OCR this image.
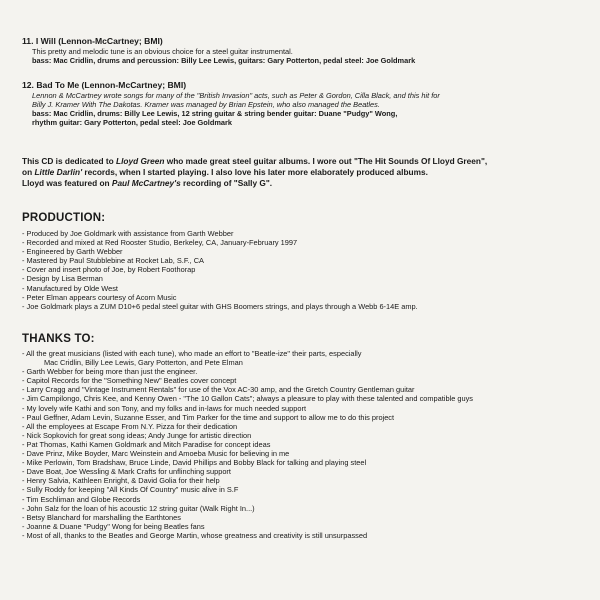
11. I Will (Lennon-McCartney; BMI)
This pretty and melodic tune is an obvious choice for a steel guitar instrumental.
bass: Mac Cridlin, drums and percussion: Billy Lee Lewis, guitars: Gary Potterton, pedal steel: Joe Goldmark
12. Bad To Me (Lennon-McCartney; BMI)
Lennon & McCartney wrote songs for many of the "British Invasion" acts, such as Peter & Gordon, Cilla Black, and this hit for
Billy J. Kramer With The Dakotas. Kramer was managed by Brian Epstein, who also managed the Beatles.
bass: Mac Cridlin, drums: Billy Lee Lewis, 12 string guitar & string bender guitar: Duane "Pudgy" Wong,
rhythm guitar: Gary Potterton, pedal steel: Joe Goldmark
This CD is dedicated to Lloyd Green who made great steel guitar albums. I wore out "The Hit Sounds Of Lloyd Green",
on Little Darlin' records, when I started playing. I also love his later more elaborately produced albums.
Lloyd was featured on Paul McCartney's recording of "Sally G".
PRODUCTION:
- Produced by Joe Goldmark with assistance from Garth Webber
- Recorded and mixed at Red Rooster Studio, Berkeley, CA, January-February 1997
- Engineered by Garth Webber
- Mastered by Paul Stubblebine at Rocket Lab, S.F., CA
- Cover and insert photo of Joe, by Robert Foothorap
- Design by Lisa Berman
- Manufactured by Olde West
- Peter Elman appears courtesy of Acorn Music
- Joe Goldmark plays a ZUM D10+6 pedal steel guitar with GHS Boomers strings, and plays through a Webb 6-14E amp.
THANKS TO:
- All the great musicians (listed with each tune), who made an effort to "Beatle-ize" their parts, especially
Mac Cridlin, Billy Lee Lewis, Gary Potterton, and Pete Elman
- Garth Webber for being more than just the engineer.
- Capitol Records for the "Something New" Beatles cover concept
- Larry Cragg and "Vintage Instrument Rentals" for use of the Vox AC-30 amp, and the Gretch Country Gentleman guitar
- Jim Campilongo, Chris Kee, and Kenny Owen - "The 10 Gallon Cats"; always a pleasure to play with these talented and compatible guys
- My lovely wife Kathi and son Tony, and my folks and in-laws for much needed support
- Paul Geffner, Adam Levin, Suzanne Esser, and Tim Parker for the time and support to allow me to do this project
- All the employees at Escape From N.Y. Pizza for their dedication
- Nick Sopkovich for great song ideas; Andy Junge for artistic direction
- Pat Thomas, Kathi Kamen Goldmark and Mitch Paradise for concept ideas
- Dave Prinz, Mike Boyder, Marc Weinstein and Amoeba Music for believing in me
- Mike Perlowin, Tom Bradshaw, Bruce Linde, David Phillips and Bobby Black for talking and playing steel
- Dave Boat, Joe Wessling & Mark Crafts for unflinching support
- Henry Salvia, Kathleen Enright, & David Golia for their help
- Sully Roddy for keeping "All Kinds Of Country" music alive in S.F
- Tim Eschliman and Globe Records
- John Salz for the loan of his acoustic 12 string guitar (Walk Right In...)
- Betsy Blanchard for marshalling the Earthtones
- Joanne & Duane "Pudgy" Wong for being Beatles fans
- Most of all, thanks to the Beatles and George Martin, whose greatness and creativity is still unsurpassed
